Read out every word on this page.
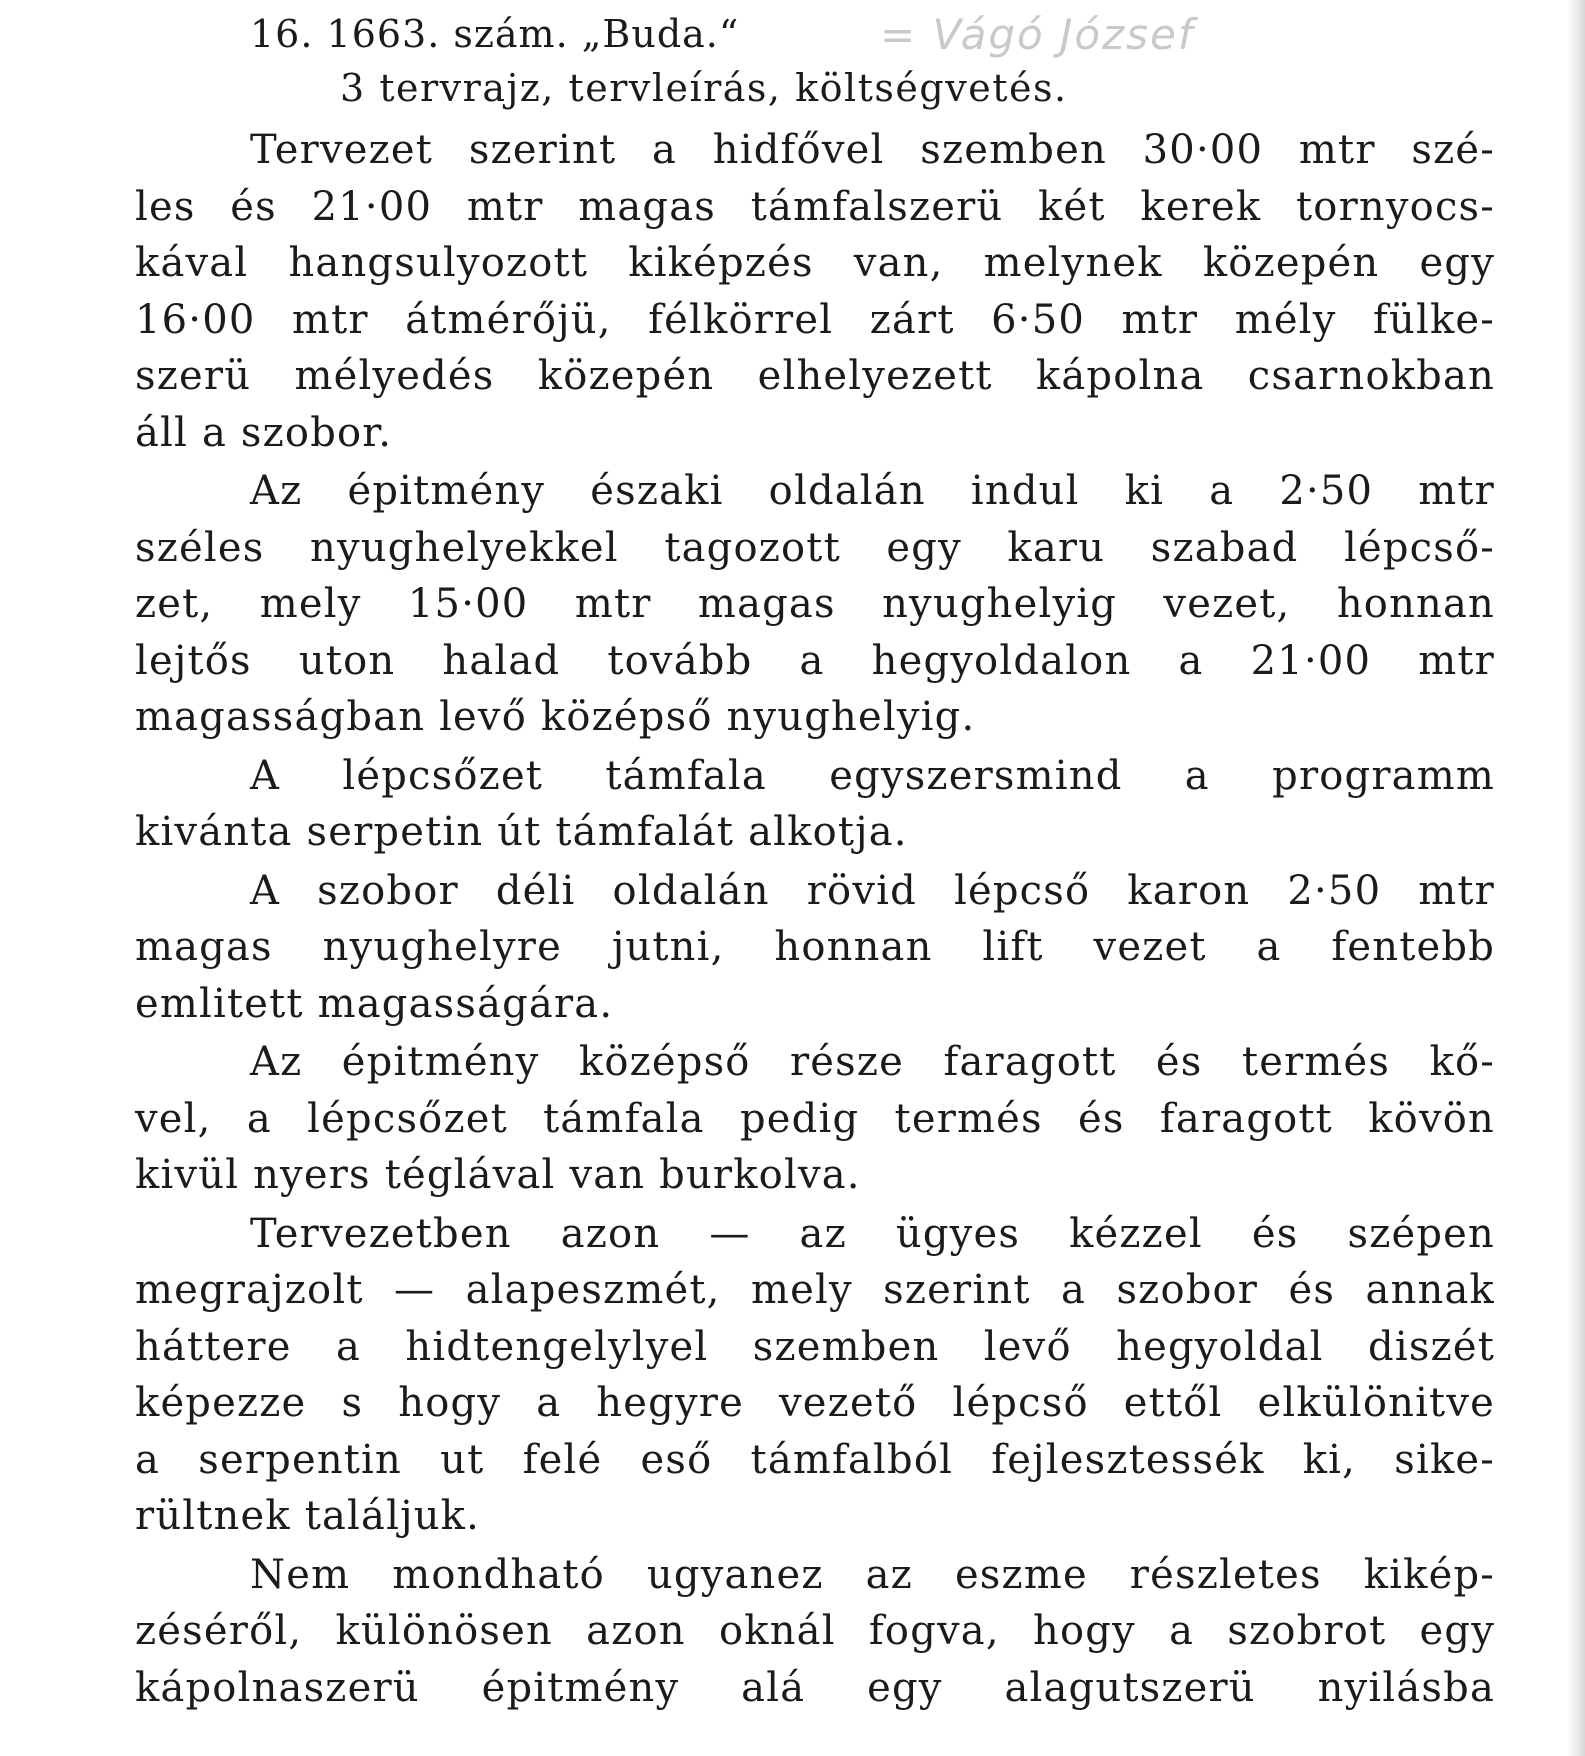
16. 1663. szám. „Buda.“	= Vágó József
3 tervrajz, tervleírás, költségvetés.
Tervezet szerint a hidfővel szemben 30·00 mtr szé-
les és 21·00 mtr magas támfalszerü két kerek tornyocs-
kával hangsulyozott kiképzés van, melynek közepén egy
16·00 mtr átmérőjü, félkörrel zárt 6·50 mtr mély fülke-
szerü mélyedés közepén elhelyezett kápolna csarnokban
áll a szobor.
Az épitmény északi oldalán indul ki a 2·50 mtr
széles nyughelyekkel tagozott egy karu szabad lépcső-
zet, mely 15·00 mtr magas nyughelyig vezet, honnan
lejtős uton halad tovább a hegyoldalon a 21·00 mtr
magasságban levő középső nyughelyig.
A lépcsőzet támfala egyszersmind a programm
kivánta serpetin út támfalát alkotja.
A szobor déli oldalán rövid lépcső karon 2·50 mtr
magas nyughelyre jutni, honnan lift vezet a fentebb
emlitett magasságára.
Az épitmény középső része faragott és termés kő-
vel, a lépcsőzet támfala pedig termés és faragott kövön
kivül nyers téglával van burkolva.
Tervezetben azon — az ügyes kézzel és szépen
megrajzolt — alapeszmét, mely szerint a szobor és annak
háttere a hidtengelylyel szemben levő hegyoldal diszét
képezze s hogy a hegyre vezető lépcső ettől elkülönitve
a serpentin ut felé eső támfalból fejlesztessék ki, sike-
rültnek találjuk.
Nem mondható ugyanez az eszme részletes kikép-
zéséről, különösen azon oknál fogva, hogy a szobrot egy
kápolnaszerü épitmény alá egy alagutszerü nyilásba
